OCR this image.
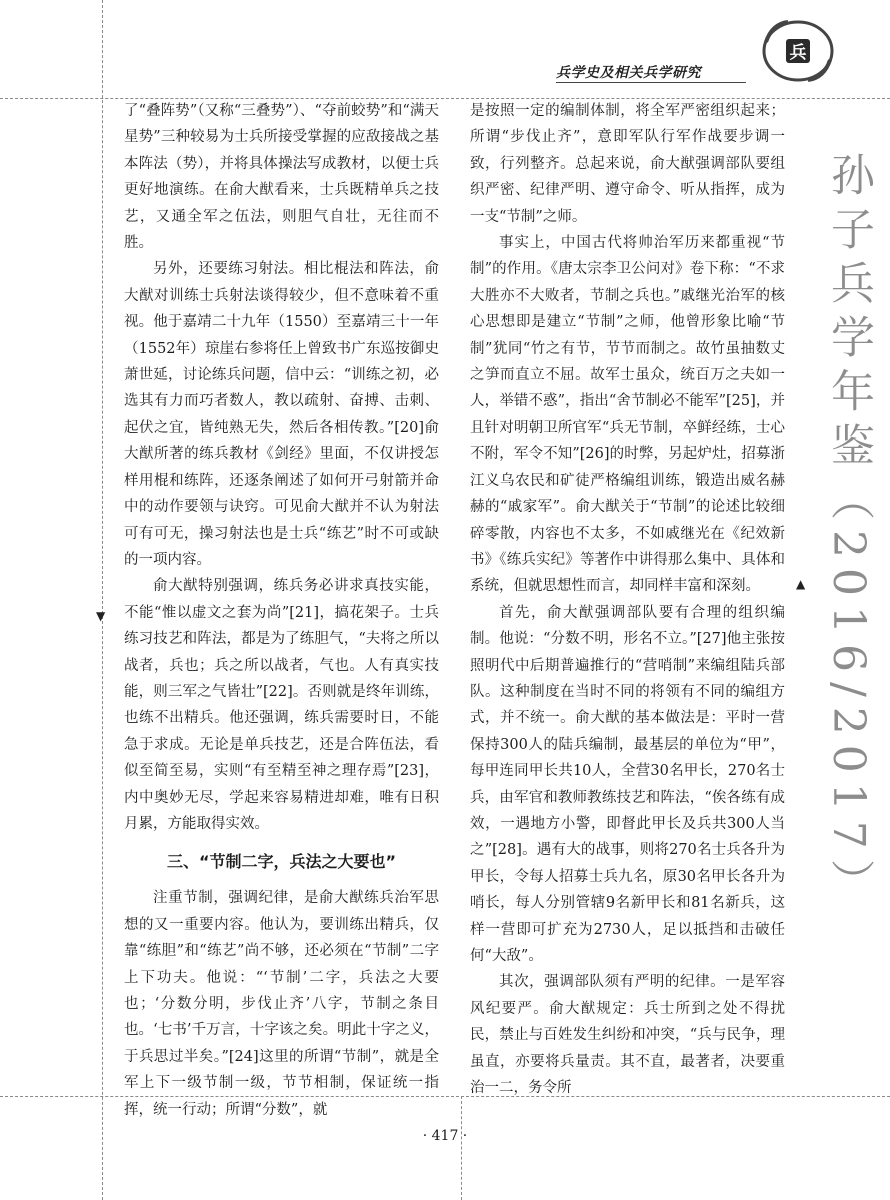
▼
▲
兵学史及相关兵学研究
兵
孙子兵学年鉴（2016/2017）

了“叠阵势”（又称“三叠势”）、“夺前蛟势”和“满天星势”三种较易为士兵所接受掌握的应敌接战之基本阵法（势），并将具体操法写成教材，以便士兵更好地演练。在俞大猷看来，士兵既精单兵之技艺，又通全军之伍法，则胆气自壮，无往而不胜。

另外，还要练习射法。相比棍法和阵法，俞大猷对训练士兵射法谈得较少，但不意味着不重视。他于嘉靖二十九年（1550）至嘉靖三十一年（1552年）琼崖右参将任上曾致书广东巡按御史萧世延，讨论练兵问题，信中云：“训练之初，必选其有力而巧者数人，教以疏射、奋搏、击刺、起伏之宜，皆纯熟无失，然后各相传教。”[20]俞大猷所著的练兵教材《剑经》里面，不仅讲授怎样用棍和练阵，还逐条阐述了如何开弓射箭并命中的动作要领与诀窍。可见俞大猷并不认为射法可有可无，操习射法也是士兵“练艺”时不可或缺的一项内容。

俞大猷特别强调，练兵务必讲求真技实能，不能“惟以虚文之套为尚”[21]，搞花架子。士兵练习技艺和阵法，都是为了练胆气，“夫将之所以战者，兵也；兵之所以战者，气也。人有真实技能，则三军之气皆壮”[22]。否则就是终年训练，也练不出精兵。他还强调，练兵需要时日，不能急于求成。无论是单兵技艺，还是合阵伍法，看似至简至易，实则“有至精至神之理存焉”[23]，内中奥妙无尽，学起来容易精进却难，唯有日积月累，方能取得实效。

三、“节制二字，兵法之大要也”

注重节制，强调纪律，是俞大猷练兵治军思想的又一重要内容。他认为，要训练出精兵，仅靠“练胆”和“练艺”尚不够，还必须在“节制”二字上下功夫。他说：“‘节制’二字，兵法之大要也；‘分数分明，步伐止齐’八字，节制之条目也。‘七书’千万言，十字该之矣。明此十字之义，于兵思过半矣。”[24]这里的所谓“节制”，就是全军上下一级节制一级，节节相制，保证统一指挥，统一行动；所谓“分数”，就

是按照一定的编制体制，将全军严密组织起来；所谓“步伐止齐”，意即军队行军作战要步调一致，行列整齐。总起来说，俞大猷强调部队要组织严密、纪律严明、遵守命令、听从指挥，成为一支“节制”之师。

事实上，中国古代将帅治军历来都重视“节制”的作用。《唐太宗李卫公问对》卷下称：“不求大胜亦不大败者，节制之兵也。”戚继光治军的核心思想即是建立“节制”之师，他曾形象比喻“节制”犹同“竹之有节，节节而制之。故竹虽抽数丈之笋而直立不屈。故军士虽众，统百万之夫如一人，举错不惑”，指出“舍节制必不能军”[25]，并且针对明朝卫所官军“兵无节制，卒鲜经练，士心不附，军令不知”[26]的时弊，另起炉灶，招募浙江义乌农民和矿徒严格编组训练，锻造出威名赫赫的“戚家军”。俞大猷关于“节制”的论述比较细碎零散，内容也不太多，不如戚继光在《纪效新书》《练兵实纪》等著作中讲得那么集中、具体和系统，但就思想性而言，却同样丰富和深刻。

首先，俞大猷强调部队要有合理的组织编制。他说：“分数不明，形名不立。”[27]他主张按照明代中后期普遍推行的“营哨制”来编组陆兵部队。这种制度在当时不同的将领有不同的编组方式，并不统一。俞大猷的基本做法是：平时一营保持300人的陆兵编制，最基层的单位为“甲”，每甲连同甲长共10人，全营30名甲长，270名士兵，由军官和教师教练技艺和阵法，“俟各练有成效，一遇地方小警，即督此甲长及兵共300人当之”[28]。遇有大的战事，则将270名士兵各升为甲长，令每人招募士兵九名，原30名甲长各升为哨长，每人分别管辖9名新甲长和81名新兵，这样一营即可扩充为2730人，足以抵挡和击破任何“大敌”。

其次，强调部队须有严明的纪律。一是军容风纪要严。俞大猷规定：兵士所到之处不得扰民，禁止与百姓发生纠纷和冲突，“兵与民争，理虽直，亦要将兵量责。其不直，最著者，决要重治一二，务令所

· 417 ·
